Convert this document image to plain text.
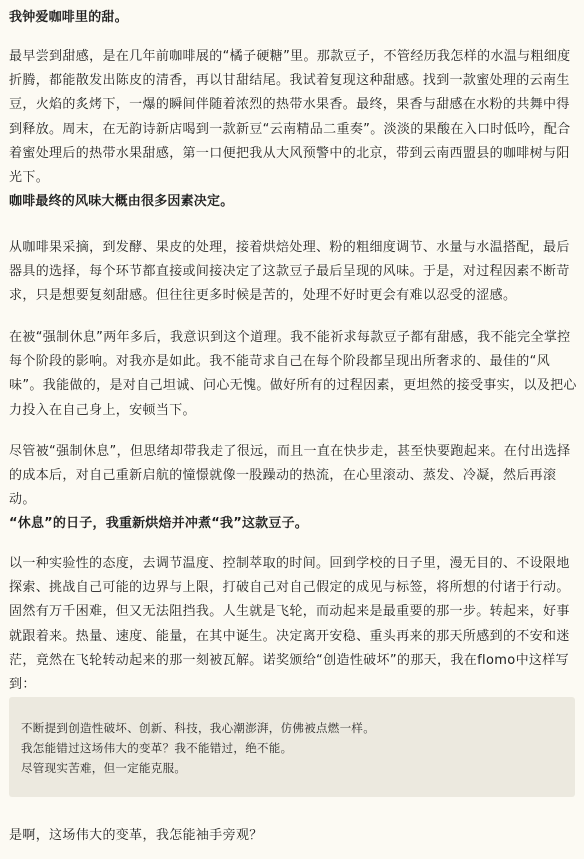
我钟爱咖啡里的甜。

最早尝到甜感，是在几年前咖啡展的“橘子硬糖”里。那款豆子，不管经历我怎样的水温与粗细度折腾，都能散发出陈皮的清香，再以甘甜结尾。我试着复现这种甜感。找到一款蜜处理的云南生豆，火焰的炙烤下，一爆的瞬间伴随着浓烈的热带水果香。最终，果香与甜感在水粉的共舞中得到释放。周末，在无韵诗新店喝到一款新豆“云南精品二重奏”。淡淡的果酸在入口时低吟，配合着蜜处理后的热带水果甜感，第一口便把我从大风预警中的北京，带到云南西盟县的咖啡树与阳光下。

咖啡最终的风味大概由很多因素决定。

从咖啡果采摘，到发酵、果皮的处理，接着烘焙处理、粉的粗细度调节、水量与水温搭配，最后器具的选择，每个环节都直接或间接决定了这款豆子最后呈现的风味。于是，对过程因素不断苛求，只是想要复刻甜感。但往往更多时候是苦的，处理不好时更会有难以忍受的涩感。

在被“强制休息”两年多后，我意识到这个道理。我不能祈求每款豆子都有甜感，我不能完全掌控每个阶段的影响。对我亦是如此。我不能苛求自己在每个阶段都呈现出所奢求的、最佳的“风味”。我能做的，是对自己坦诚、问心无愧。做好所有的过程因素，更坦然的接受事实，以及把心力投入在自己身上，安顿当下。

尽管被“强制休息”，但思绪却带我走了很远，而且一直在快步走，甚至快要跑起来。在付出选择的成本后，对自己重新启航的憧憬就像一股躁动的热流，在心里滚动、蒸发、冷凝，然后再滚动。

“休息”的日子，我重新烘焙并冲煮“我”这款豆子。

以一种实验性的态度，去调节温度、控制萃取的时间。回到学校的日子里，漫无目的、不设限地探索、挑战自己可能的边界与上限，打破自己对自己假定的成见与标签，将所想的付诸于行动。固然有万千困难，但又无法阻挡我。人生就是飞轮，而动起来是最重要的那一步。转起来，好事就跟着来。热量、速度、能量，在其中诞生。决定离开安稳、重头再来的那天所感到的不安和迷茫，竟然在飞轮转动起来的那一刻被瓦解。诺奖颁给“创造性破坏”的那天，我在flomo中这样写到：

不断提到创造性破坏、创新、科技，我心潮澎湃，仿佛被点燃一样。

我怎能错过这场伟大的变革？我不能错过，绝不能。

尽管现实苦难，但一定能克服。

是啊，这场伟大的变革，我怎能袖手旁观？
